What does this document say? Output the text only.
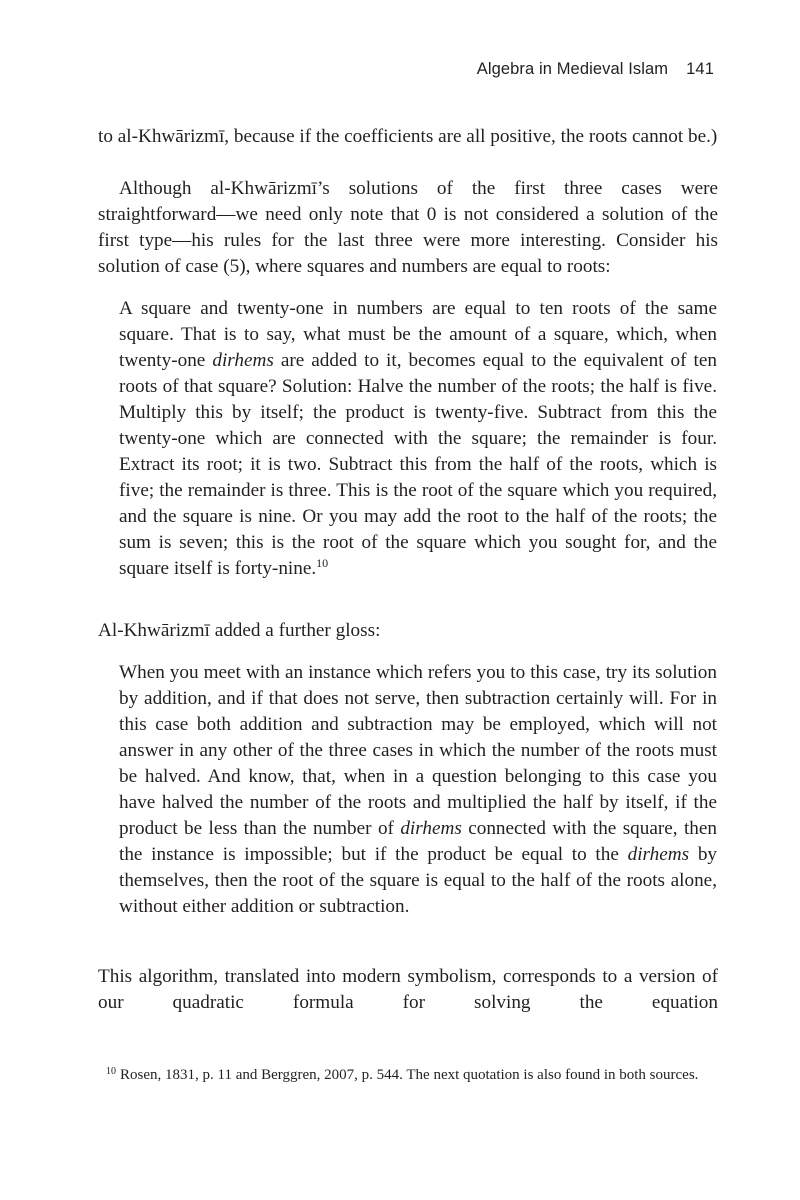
Algebra in Medieval Islam 141

to al-Khwārizmī, because if the coefficients are all positive, the roots cannot be.)

Although al-Khwārizmī’s solutions of the first three cases were straightforward—we need only note that 0 is not considered a solution of the first type—his rules for the last three were more interesting. Consider his solution of case (5), where squares and numbers are equal to roots:

A square and twenty-one in numbers are equal to ten roots of the same square. That is to say, what must be the amount of a square, which, when twenty-one dirhems are added to it, becomes equal to the equivalent of ten roots of that square? Solution: Halve the number of the roots; the half is five. Multiply this by itself; the product is twenty-five. Subtract from this the twenty-one which are connected with the square; the remainder is four. Extract its root; it is two. Subtract this from the half of the roots, which is five; the remainder is three. This is the root of the square which you required, and the square is nine. Or you may add the root to the half of the roots; the sum is seven; this is the root of the square which you sought for, and the square itself is forty-nine.$^{10}$

Al-Khwārizmī added a further gloss:

When you meet with an instance which refers you to this case, try its solution by addition, and if that does not serve, then subtraction certainly will. For in this case both addition and subtraction may be employed, which will not answer in any other of the three cases in which the number of the roots must be halved. And know, that, when in a question belonging to this case you have halved the number of the roots and multiplied the half by itself, if the product be less than the number of dirhems connected with the square, then the instance is impossible; but if the product be equal to the dirhems by themselves, then the root of the square is equal to the half of the roots alone, without either addition or subtraction.

This algorithm, translated into modern symbolism, corresponds to a version of our quadratic formula for solving the equation

$^{10}$ Rosen, 1831, p. 11 and Berggren, 2007, p. 544. The next quotation is also found in both sources.
